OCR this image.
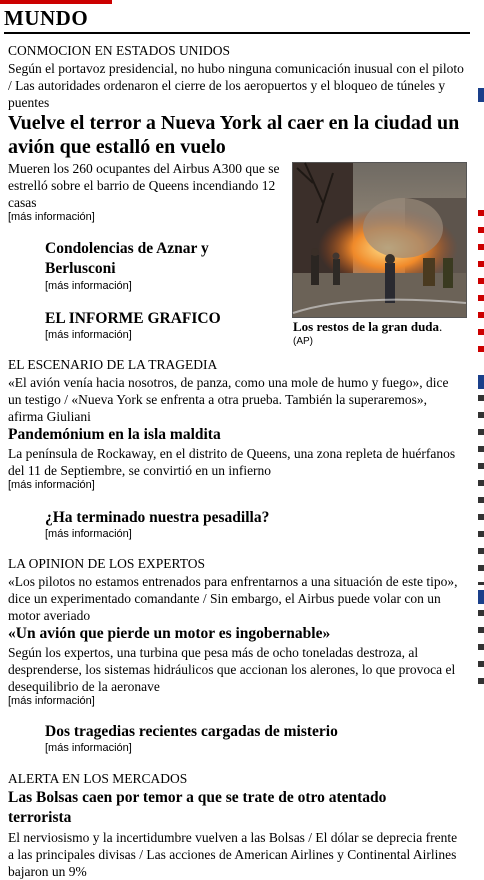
MUNDO
CONMOCION EN ESTADOS UNIDOS
Según el portavoz presidencial, no hubo ninguna comunicación inusual con el piloto / Las autoridades ordenaron el cierre de los aeropuertos y el bloqueo de túneles y puentes
Vuelve el terror a Nueva York al caer en la ciudad un avión que estalló en vuelo
Mueren los 260 ocupantes del Airbus A300 que se estrelló sobre el barrio de Queens incendiando 12 casas
[más información]
Condolencias de Aznar y Berlusconi
[más información]
EL INFORME GRAFICO
[más información]
Los restos de la gran duda.
(AP)
EL ESCENARIO DE LA TRAGEDIA
«El avión venía hacia nosotros, de panza, como una mole de humo y fuego», dice un testigo / «Nueva York se enfrenta a otra prueba. También la superaremos», afirma Giuliani
Pandemónium en la isla maldita
La península de Rockaway, en el distrito de Queens, una zona repleta de huérfanos del 11 de Septiembre, se convirtió en un infierno
[más información]
¿Ha terminado nuestra pesadilla?
[más información]
LA OPINION DE LOS EXPERTOS
«Los pilotos no estamos entrenados para enfrentarnos a una situación de este tipo», dice un experimentado comandante / Sin embargo, el Airbus puede volar con un motor averiado
«Un avión que pierde un motor es ingobernable»
Según los expertos, una turbina que pesa más de ocho toneladas destroza, al desprenderse, los sistemas hidráulicos que accionan los alerones, lo que provoca el desequilibrio de la aeronave
[más información]
Dos tragedias recientes cargadas de misterio
[más información]
ALERTA EN LOS MERCADOS
Las Bolsas caen por temor a que se trate de otro atentado terrorista
El nerviosismo y la incertidumbre vuelven a las Bolsas / El dólar se deprecia frente a las principales divisas / Las acciones de American Airlines y Continental Airlines bajaron un 9%
